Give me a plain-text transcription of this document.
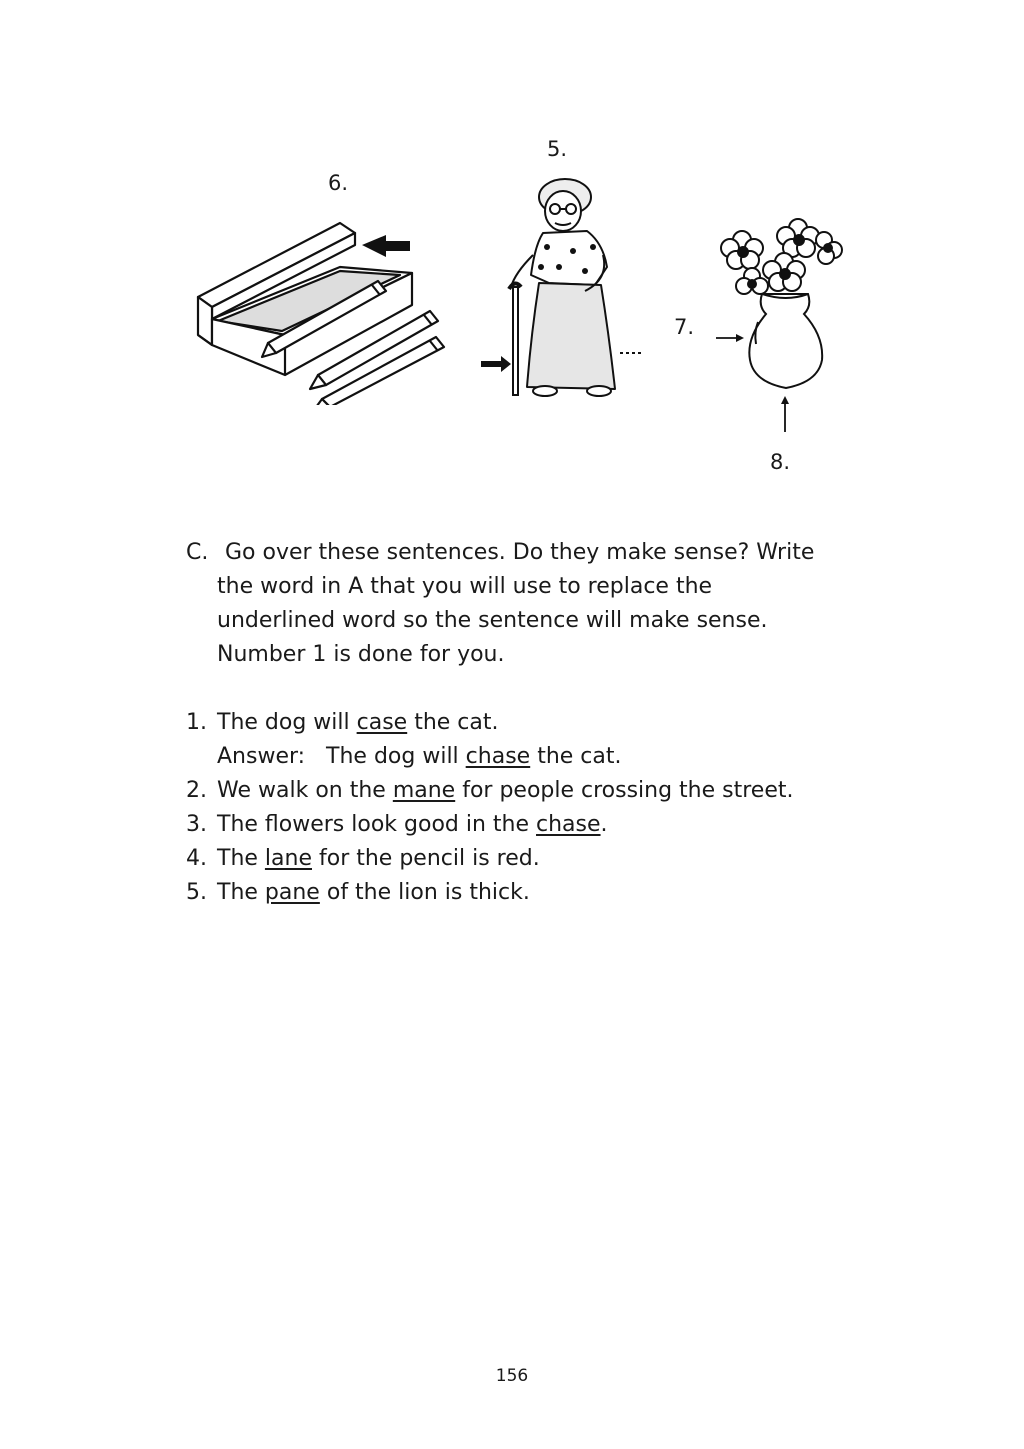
5.
6.
7.
8.
C. Go over these sentences. Do they make sense? Write
the word in A that you will use to replace the
underlined word so the sentence will make sense.
Number 1 is done for you.
1. The dog will case the cat.
Answer: The dog will chase the cat.
2. We walk on the mane for people crossing the street.
3. The flowers look good in the chase.
4. The lane for the pencil is red.
5. The pane of the lion is thick.
156
